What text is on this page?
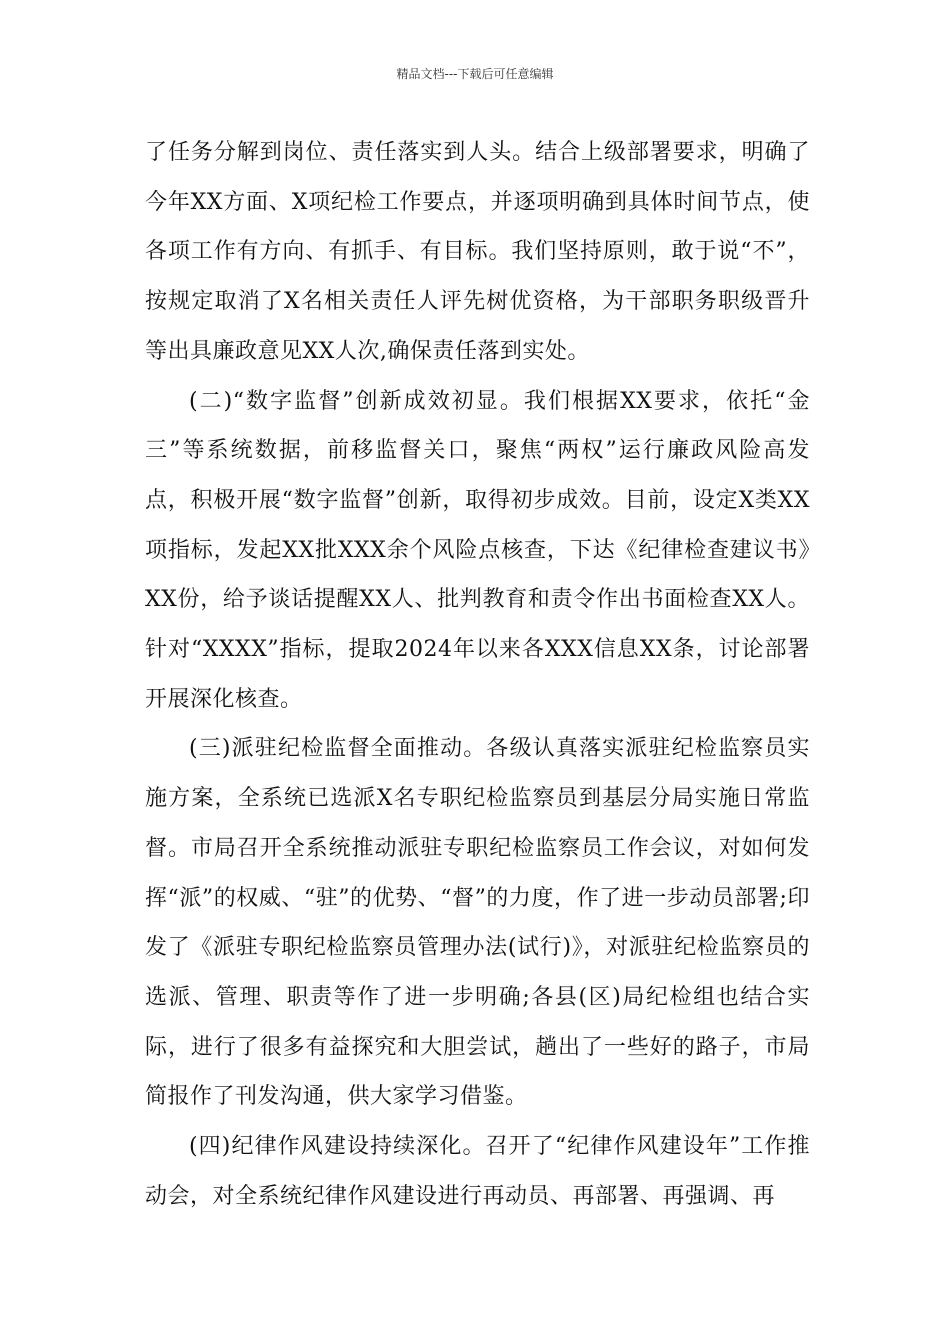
精品文档---下载后可任意编辑

了任务分解到岗位、责任落实到人头。结合上级部署要求，明确了今年XX方面、X项纪检工作要点，并逐项明确到具体时间节点，使各项工作有方向、有抓手、有目标。我们坚持原则，敢于说“不”，按规定取消了X名相关责任人评先树优资格，为干部职务职级晋升等出具廉政意见XX人次,确保责任落到实处。

(二)“数字监督”创新成效初显。我们根据XX要求，依托“金三”等系统数据，前移监督关口，聚焦“两权”运行廉政风险高发点，积极开展“数字监督”创新，取得初步成效。目前，设定X类XX项指标，发起XX批XXX余个风险点核查，下达《纪律检查建议书》XX份，给予谈话提醒XX人、批判教育和责令作出书面检查XX人。针对“XXXX”指标，提取2024年以来各XXX信息XX条，讨论部署开展深化核查。

(三)派驻纪检监督全面推动。各级认真落实派驻纪检监察员实施方案，全系统已选派X名专职纪检监察员到基层分局实施日常监督。市局召开全系统推动派驻专职纪检监察员工作会议，对如何发挥“派”的权威、“驻”的优势、“督”的力度，作了进一步动员部署;印发了《派驻专职纪检监察员管理办法(试行)》，对派驻纪检监察员的选派、管理、职责等作了进一步明确;各县(区)局纪检组也结合实际，进行了很多有益探究和大胆尝试，趟出了一些好的路子，市局简报作了刊发沟通，供大家学习借鉴。

(四)纪律作风建设持续深化。召开了“纪律作风建设年”工作推动会，对全系统纪律作风建设进行再动员、再部署、再强调、再
